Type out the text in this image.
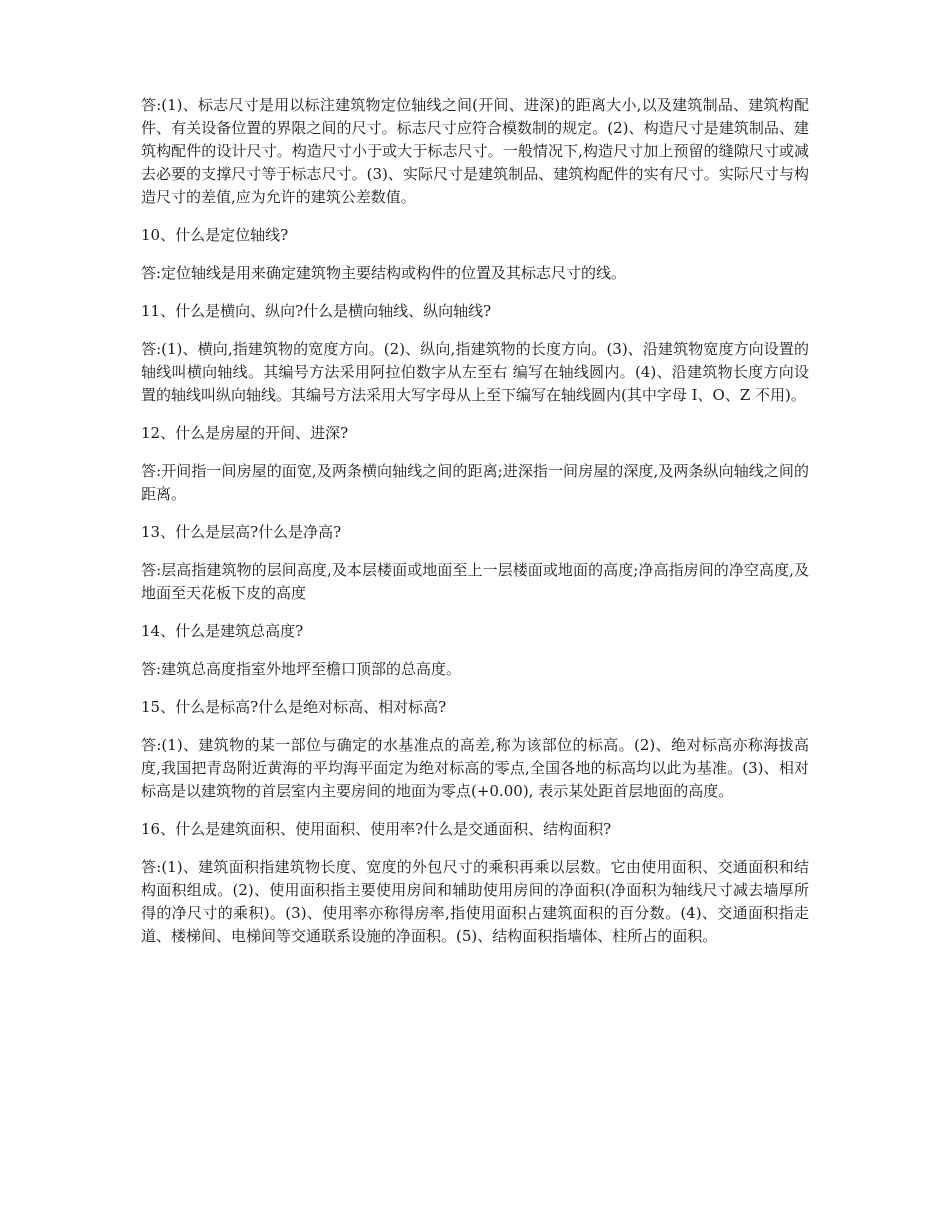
答:(1)、标志尺寸是用以标注建筑物定位轴线之间(开间、进深)的距离大小,以及建筑制品、建筑构配件、有关设备位置的界限之间的尺寸。标志尺寸应符合模数制的规定。(2)、构造尺寸是建筑制品、建筑构配件的设计尺寸。构造尺寸小于或大于标志尺寸。一般情况下,构造尺寸加上预留的缝隙尺寸或减去必要的支撑尺寸等于标志尺寸。(3)、实际尺寸是建筑制品、建筑构配件的实有尺寸。实际尺寸与构造尺寸的差值,应为允许的建筑公差数值。

10、什么是定位轴线?

答:定位轴线是用来确定建筑物主要结构或构件的位置及其标志尺寸的线。

11、什么是横向、纵向?什么是横向轴线、纵向轴线?

答:(1)、横向,指建筑物的宽度方向。(2)、纵向,指建筑物的长度方向。(3)、沿建筑物宽度方向设置的轴线叫横向轴线。其编号方法采用阿拉伯数字从左至右 编写在轴线圆内。(4)、沿建筑物长度方向设置的轴线叫纵向轴线。其编号方法采用大写字母从上至下编写在轴线圆内(其中字母 I、O、Z 不用)。

12、什么是房屋的开间、进深?

答:开间指一间房屋的面宽,及两条横向轴线之间的距离;进深指一间房屋的深度,及两条纵向轴线之间的距离。

13、什么是层高?什么是净高?

答:层高指建筑物的层间高度,及本层楼面或地面至上一层楼面或地面的高度;净高指房间的净空高度,及地面至天花板下皮的高度

14、什么是建筑总高度?

答:建筑总高度指室外地坪至檐口顶部的总高度。

15、什么是标高?什么是绝对标高、相对标高?

答:(1)、建筑物的某一部位与确定的水基准点的高差,称为该部位的标高。(2)、绝对标高亦称海拔高度,我国把青岛附近黄海的平均海平面定为绝对标高的零点,全国各地的标高均以此为基准。(3)、相对标高是以建筑物的首层室内主要房间的地面为零点(+0.00), 表示某处距首层地面的高度。

16、什么是建筑面积、使用面积、使用率?什么是交通面积、结构面积?

答:(1)、建筑面积指建筑物长度、宽度的外包尺寸的乘积再乘以层数。它由使用面积、交通面积和结构面积组成。(2)、使用面积指主要使用房间和辅助使用房间的净面积(净面积为轴线尺寸减去墙厚所得的净尺寸的乘积)。(3)、使用率亦称得房率,指使用面积占建筑面积的百分数。(4)、交通面积指走道、楼梯间、电梯间等交通联系设施的净面积。(5)、结构面积指墙体、柱所占的面积。
